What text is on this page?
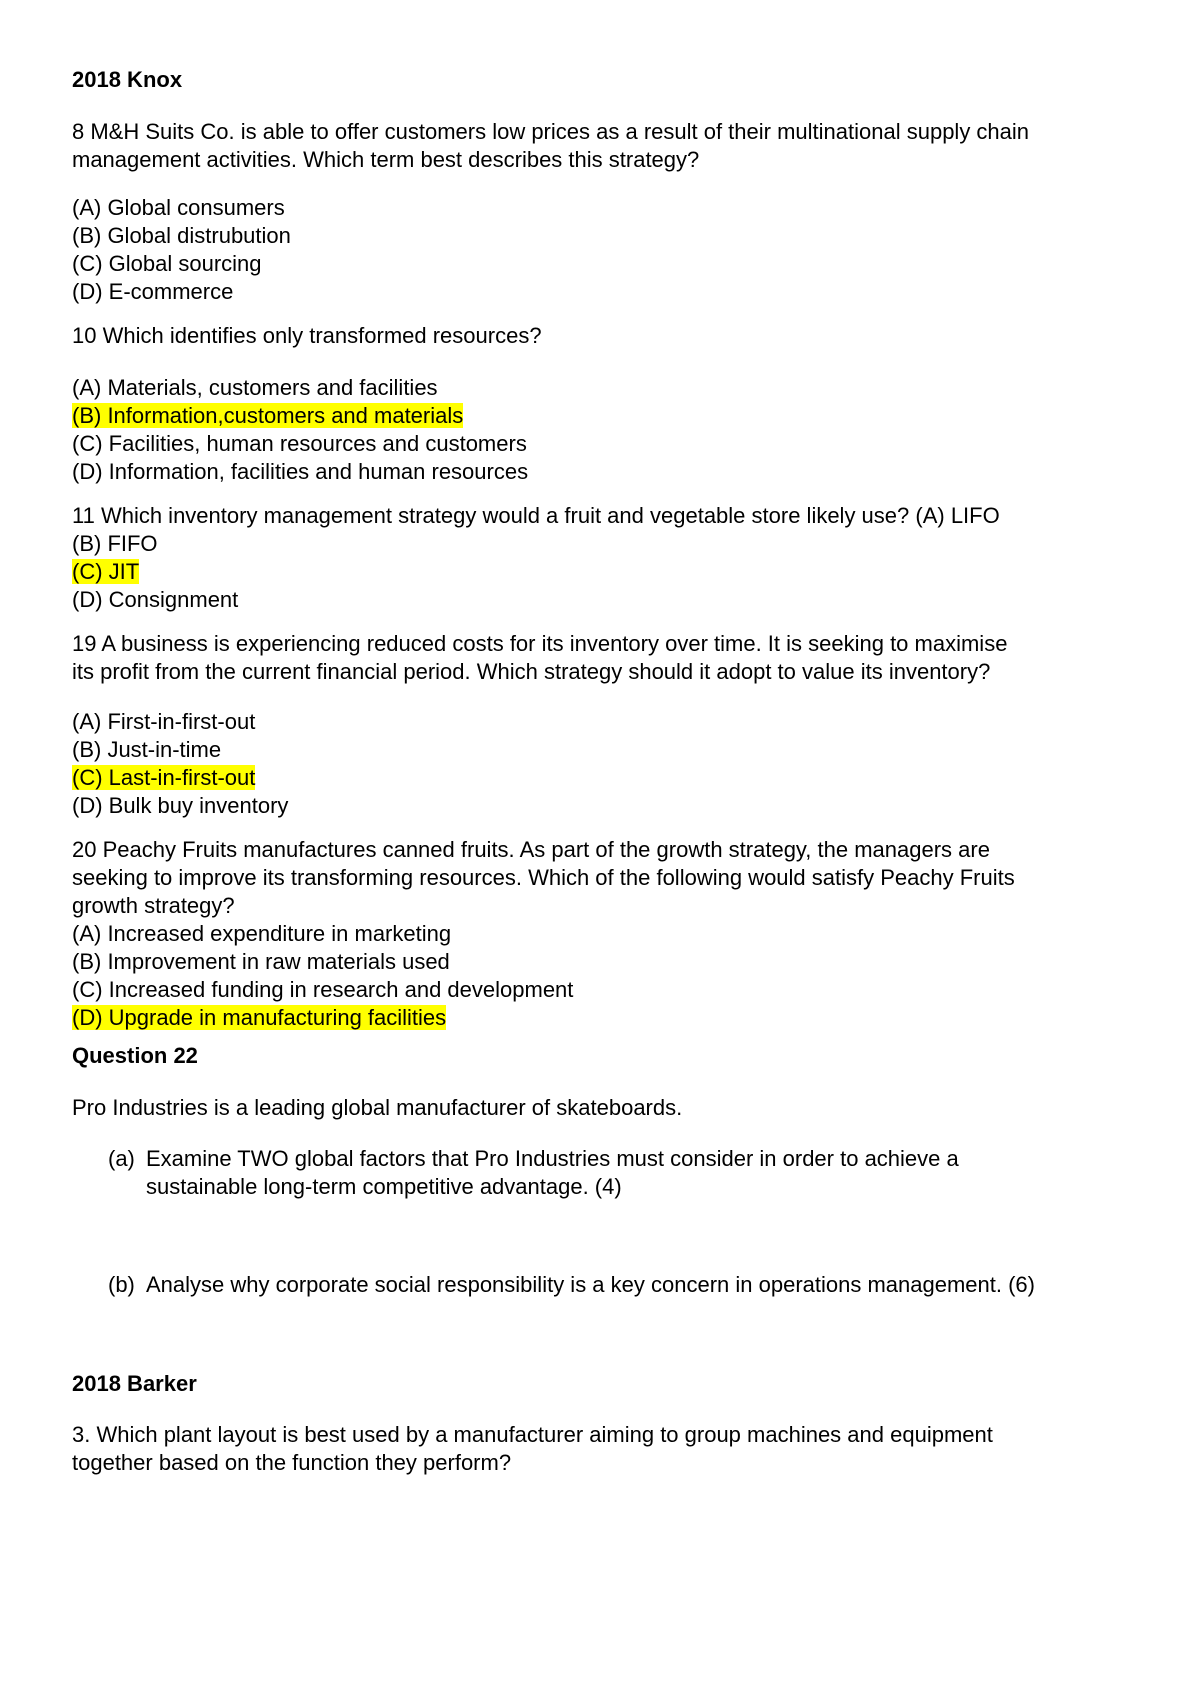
2018 Knox
8 M&H Suits Co. is able to offer customers low prices as a result of their multinational supply chain
management activities. Which term best describes this strategy?
(A) Global consumers
(B) Global distrubution
(C) Global sourcing
(D) E-commerce
10 Which identifies only transformed resources?
(A) Materials, customers and facilities
(B) Information,customers and materials
(C) Facilities, human resources and customers
(D) Information, facilities and human resources
11 Which inventory management strategy would a fruit and vegetable store likely use? (A) LIFO
(B) FIFO
(C) JIT
(D) Consignment
19 A business is experiencing reduced costs for its inventory over time. It is seeking to maximise
its profit from the current financial period. Which strategy should it adopt to value its inventory?
(A) First-in-first-out
(B) Just-in-time
(C) Last-in-first-out
(D) Bulk buy inventory
20 Peachy Fruits manufactures canned fruits. As part of the growth strategy, the managers are
seeking to improve its transforming resources. Which of the following would satisfy Peachy Fruits
growth strategy?
(A) Increased expenditure in marketing
(B) Improvement in raw materials used
(C) Increased funding in research and development
(D) Upgrade in manufacturing facilities
Question 22
Pro Industries is a leading global manufacturer of skateboards.
(a) Examine TWO global factors that Pro Industries must consider in order to achieve a
sustainable long-term competitive advantage. (4)
(b) Analyse why corporate social responsibility is a key concern in operations management. (6)
2018 Barker
3. Which plant layout is best used by a manufacturer aiming to group machines and equipment
together based on the function they perform?
